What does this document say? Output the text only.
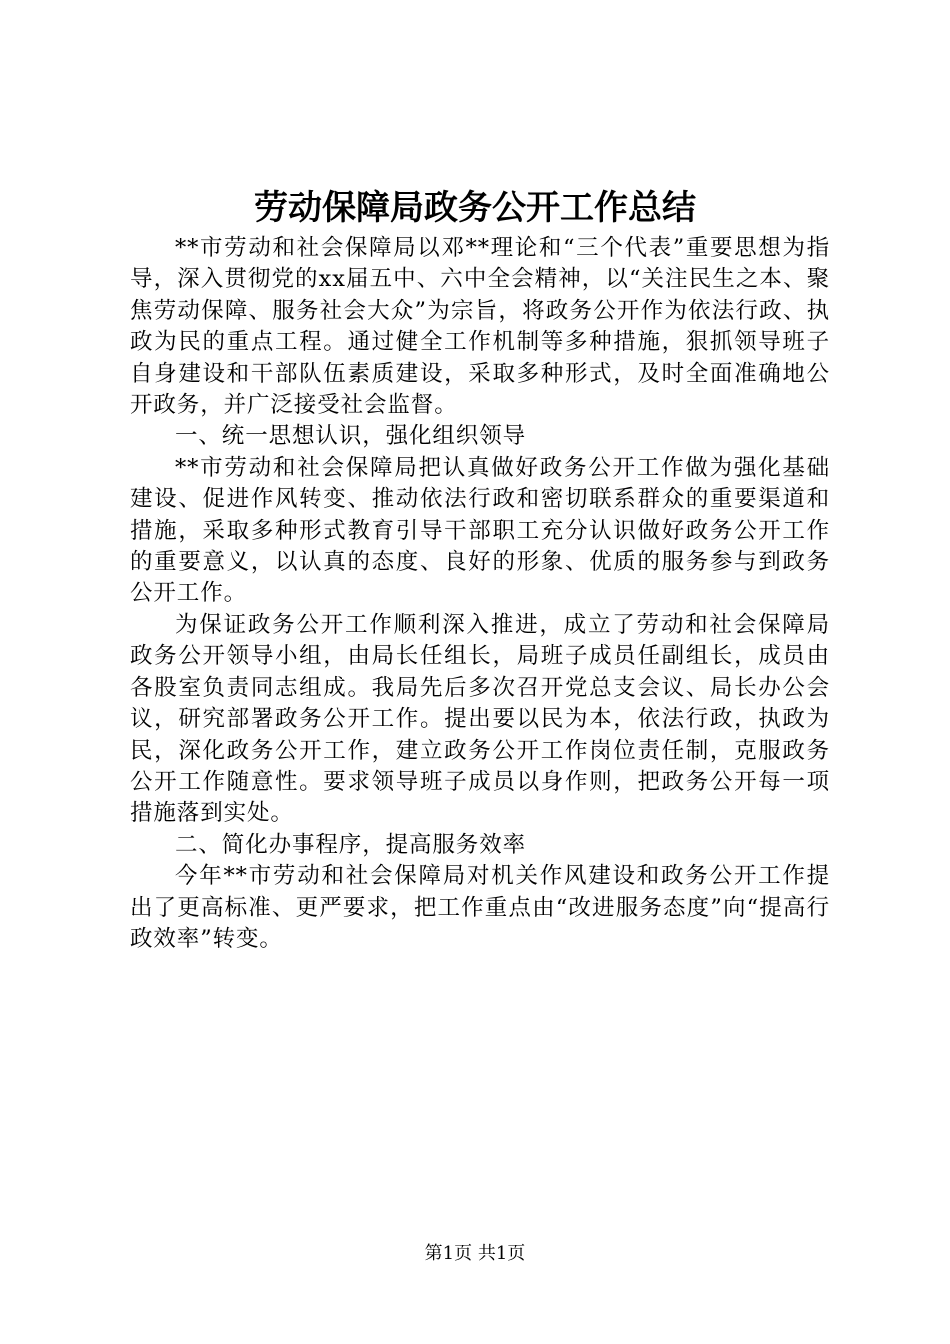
劳动保障局政务公开工作总结

**市劳动和社会保障局以邓**理论和“三个代表”重要思想为指导，深入贯彻党的xx届五中、六中全会精神，以“关注民生之本、聚焦劳动保障、服务社会大众”为宗旨，将政务公开作为依法行政、执政为民的重点工程。通过健全工作机制等多种措施，狠抓领导班子自身建设和干部队伍素质建设，采取多种形式，及时全面准确地公开政务，并广泛接受社会监督。

一、统一思想认识，强化组织领导

**市劳动和社会保障局把认真做好政务公开工作做为强化基础建设、促进作风转变、推动依法行政和密切联系群众的重要渠道和措施，采取多种形式教育引导干部职工充分认识做好政务公开工作的重要意义，以认真的态度、良好的形象、优质的服务参与到政务公开工作。

为保证政务公开工作顺利深入推进，成立了劳动和社会保障局政务公开领导小组，由局长任组长，局班子成员任副组长，成员由各股室负责同志组成。我局先后多次召开党总支会议、局长办公会议，研究部署政务公开工作。提出要以民为本，依法行政，执政为民，深化政务公开工作，建立政务公开工作岗位责任制，克服政务公开工作随意性。要求领导班子成员以身作则，把政务公开每一项措施落到实处。

二、简化办事程序，提高服务效率

今年**市劳动和社会保障局对机关作风建设和政务公开工作提出了更高标准、更严要求，把工作重点由“改进服务态度”向“提高行政效率”转变。

第1页 共1页
